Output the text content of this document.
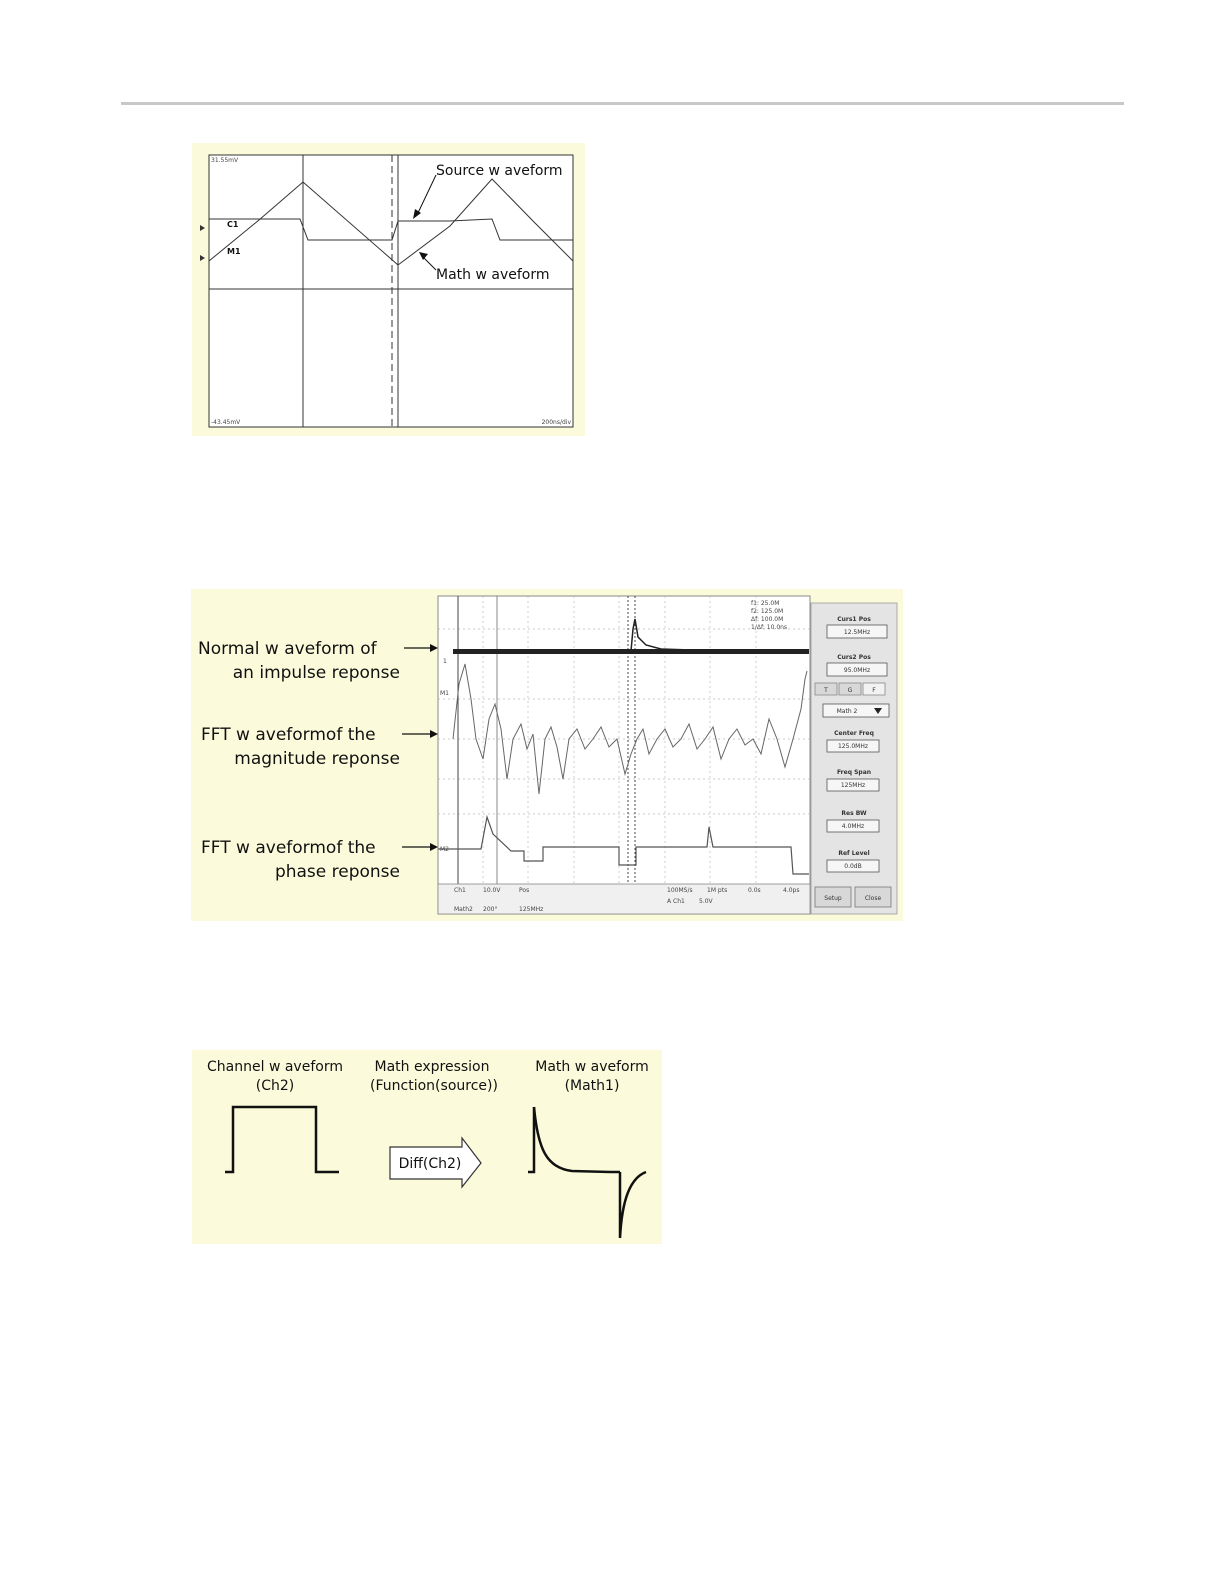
31.55mV
-43.45mV	200ns/div
C1
M1
Source w aveform
Math w aveform
1
M1
M2
f1: 25.0M
f2: 125.0M
Δf: 100.0M
1/Δf: 10.0ns
Ch1	10.0V	Pos
Math2 200°	125MHz
100MS/s 1M pts	0.0s	4.0ps
A Ch1 5.0V
Curs1 Pos
12.5MHz
Curs2 Pos
95.0MHz
T	G	F
Math 2
Center Freq
125.0MHz
Freq Span
125MHz
Res BW
4.0MHz
Ref Level
0.0dB
Setup	Close
Normal w aveform of
an impulse reponse
FFT w aveformof the
magnitude reponse
FFT w aveformof the
phase reponse
Channel w aveform
(Ch2)
Math expression
(Function(source))
Math w aveform
(Math1)
Diff(Ch2)
